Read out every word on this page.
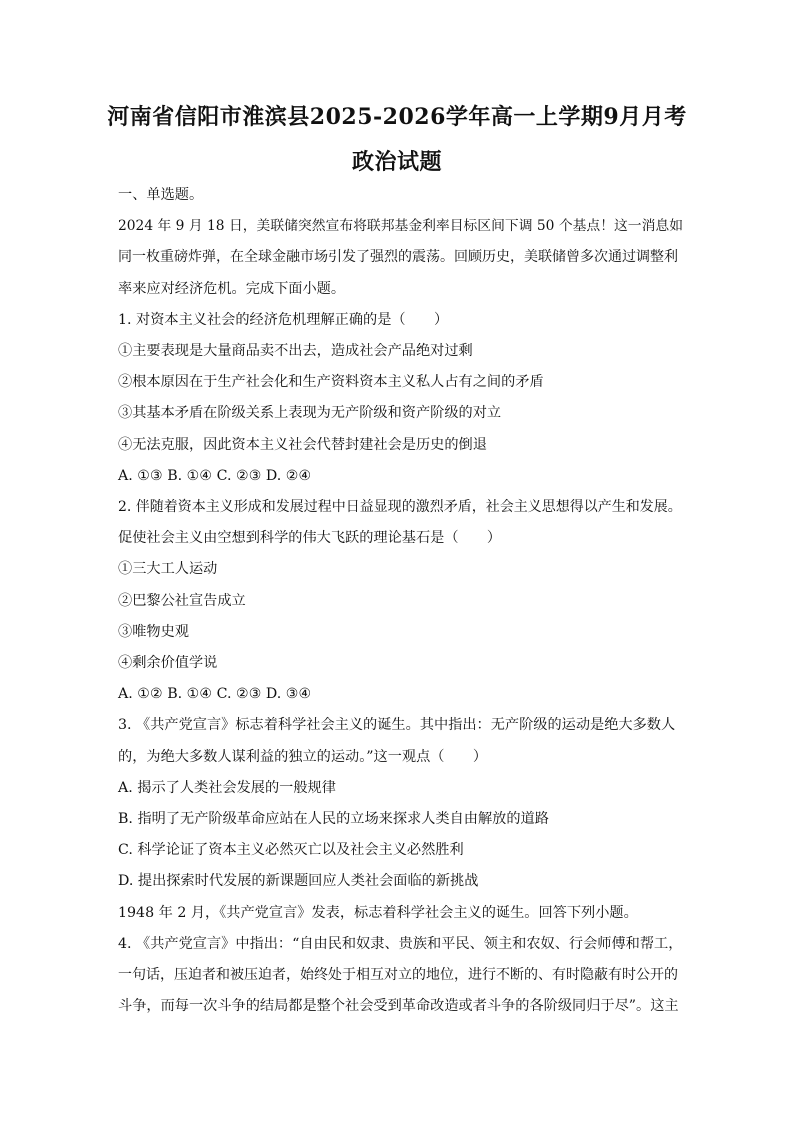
河南省信阳市淮滨县2025-2026学年高一上学期9月月考
政治试题
一、单选题。
2024 年 9 月 18 日，美联储突然宣布将联邦基金利率目标区间下调 50 个基点！这一消息如
同一枚重磅炸弹，在全球金融市场引发了强烈的震荡。回顾历史，美联储曾多次通过调整利
率来应对经济危机。完成下面小题。
1. 对资本主义社会的经济危机理解正确的是（　　）
①主要表现是大量商品卖不出去，造成社会产品绝对过剩
②根本原因在于生产社会化和生产资料资本主义私人占有之间的矛盾
③其基本矛盾在阶级关系上表现为无产阶级和资产阶级的对立
④无法克服，因此资本主义社会代替封建社会是历史的倒退
A. ①③ B. ①④ C. ②③ D. ②④
2. 伴随着资本主义形成和发展过程中日益显现的激烈矛盾，社会主义思想得以产生和发展。
促使社会主义由空想到科学的伟大飞跃的理论基石是（　　）
①三大工人运动
②巴黎公社宣告成立
③唯物史观
④剩余价值学说
A. ①② B. ①④ C. ②③ D. ③④
3. 《共产党宣言》标志着科学社会主义的诞生。其中指出：无产阶级的运动是绝大多数人
的，为绝大多数人谋利益的独立的运动。”这一观点（　　）
A. 揭示了人类社会发展的一般规律
B. 指明了无产阶级革命应站在人民的立场来探求人类自由解放的道路
C. 科学论证了资本主义必然灭亡以及社会主义必然胜利
D. 提出探索时代发展的新课题回应人类社会面临的新挑战
1948 年 2 月，《共产党宣言》发表，标志着科学社会主义的诞生。回答下列小题。
4. 《共产党宣言》中指出：“自由民和奴隶、贵族和平民、领主和农奴、行会师傅和帮工，
一句话，压迫者和被压迫者，始终处于相互对立的地位，进行不断的、有时隐蔽有时公开的
斗争，而每一次斗争的结局都是整个社会受到革命改造或者斗争的各阶级同归于尽”。这主
